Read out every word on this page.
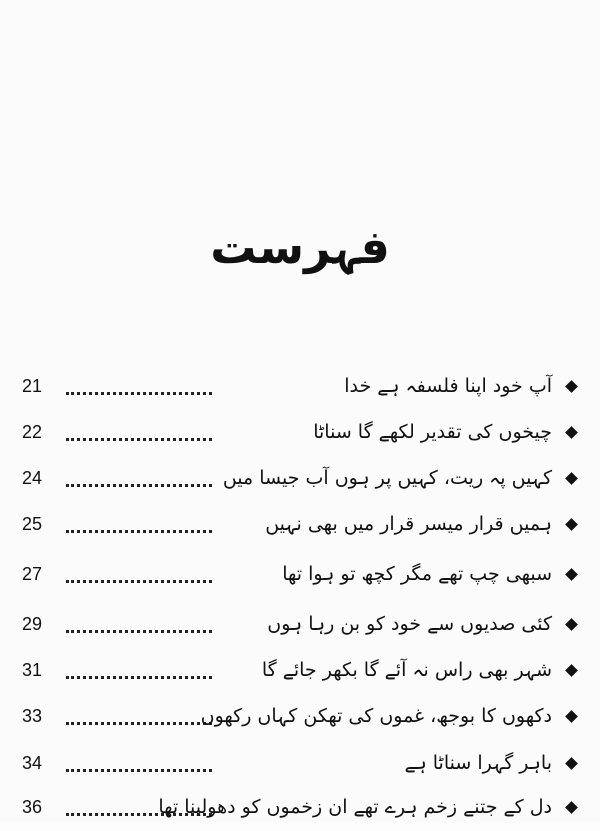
فہرست
21	آپ خود اپنا فلسفہ ہے خدا
22	چیخوں کی تقدیر لکھے گا سناٹا
24	کہیں پہ ریت، کہیں پر ہوں آب جیسا میں
25	ہمیں قرار میسر قرار میں بھی نہیں
27	سبھی چپ تھے مگر کچھ تو ہوا تھا
29	کئی صدیوں سے خود کو بن رہا ہوں
31	شہر بھی راس نہ آئے گا بکھر جائے گا
33	دکھوں کا بوجھ، غموں کی تھکن کہاں رکھوں
34	باہر گہرا سناٹا ہے
36	دل کے جتنے زخم ہرے تھے ان زخموں کو دھولینا تھا
